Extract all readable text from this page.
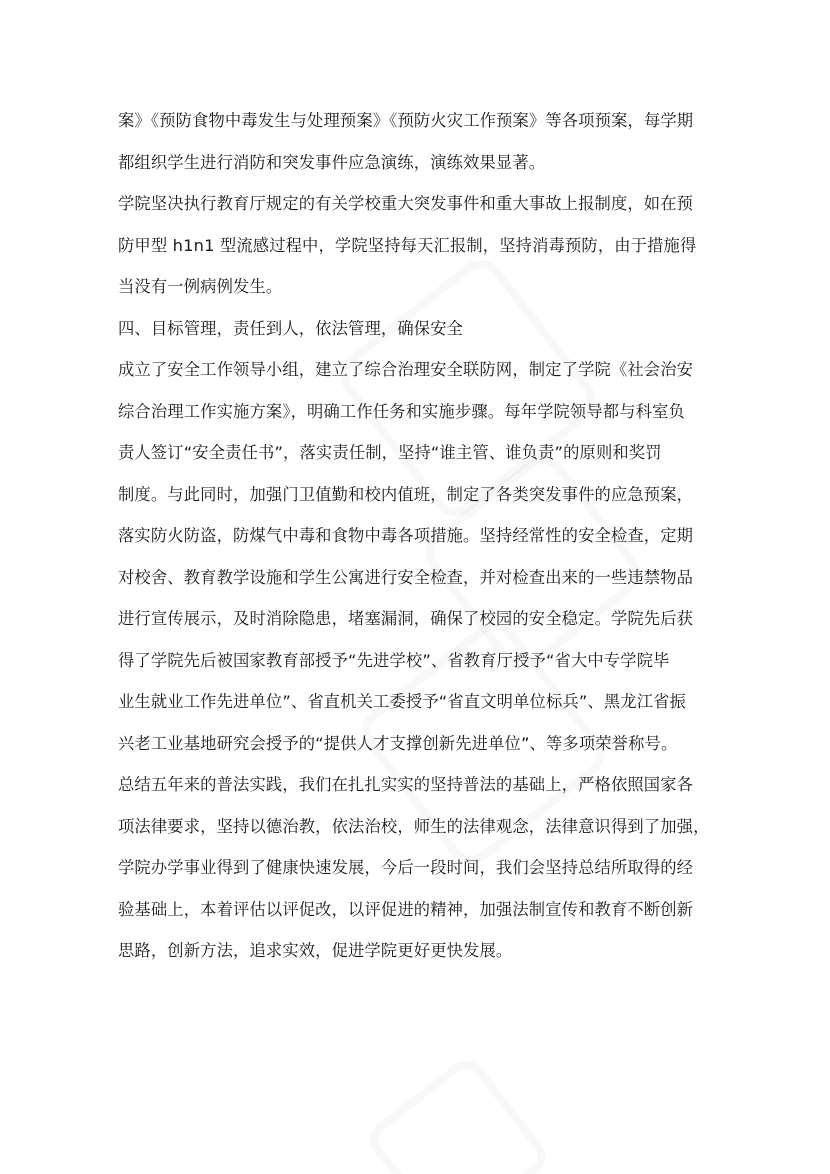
案》《预防食物中毒发生与处理预案》《预防火灾工作预案》等各项预案，每学期
都组织学生进行消防和突发事件应急演练，演练效果显著。
学院坚决执行教育厅规定的有关学校重大突发事件和重大事故上报制度，如在预
防甲型 h1n1 型流感过程中，学院坚持每天汇报制，坚持消毒预防，由于措施得
当没有一例病例发生。
四、目标管理，责任到人，依法管理，确保安全
成立了安全工作领导小组，建立了综合治理安全联防网，制定了学院《社会治安
综合治理工作实施方案》，明确工作任务和实施步骤。每年学院领导都与科室负
责人签订“安全责任书”，落实责任制，坚持“谁主管、谁负责”的原则和奖罚
制度。与此同时，加强门卫值勤和校内值班，制定了各类突发事件的应急预案，
落实防火防盗，防煤气中毒和食物中毒各项措施。坚持经常性的安全检查，定期
对校舍、教育教学设施和学生公寓进行安全检查，并对检查出来的一些违禁物品
进行宣传展示，及时消除隐患，堵塞漏洞，确保了校园的安全稳定。学院先后获
得了学院先后被国家教育部授予“先进学校”、省教育厅授予“省大中专学院毕
业生就业工作先进单位”、省直机关工委授予“省直文明单位标兵”、黑龙江省振
兴老工业基地研究会授予的“提供人才支撑创新先进单位”、等多项荣誉称号。
总结五年来的普法实践，我们在扎扎实实的坚持普法的基础上，严格依照国家各
项法律要求，坚持以德治教，依法治校，师生的法律观念，法律意识得到了加强，
学院办学事业得到了健康快速发展，今后一段时间，我们会坚持总结所取得的经
验基础上，本着评估以评促改，以评促进的精神，加强法制宣传和教育不断创新
思路，创新方法，追求实效，促进学院更好更快发展。
